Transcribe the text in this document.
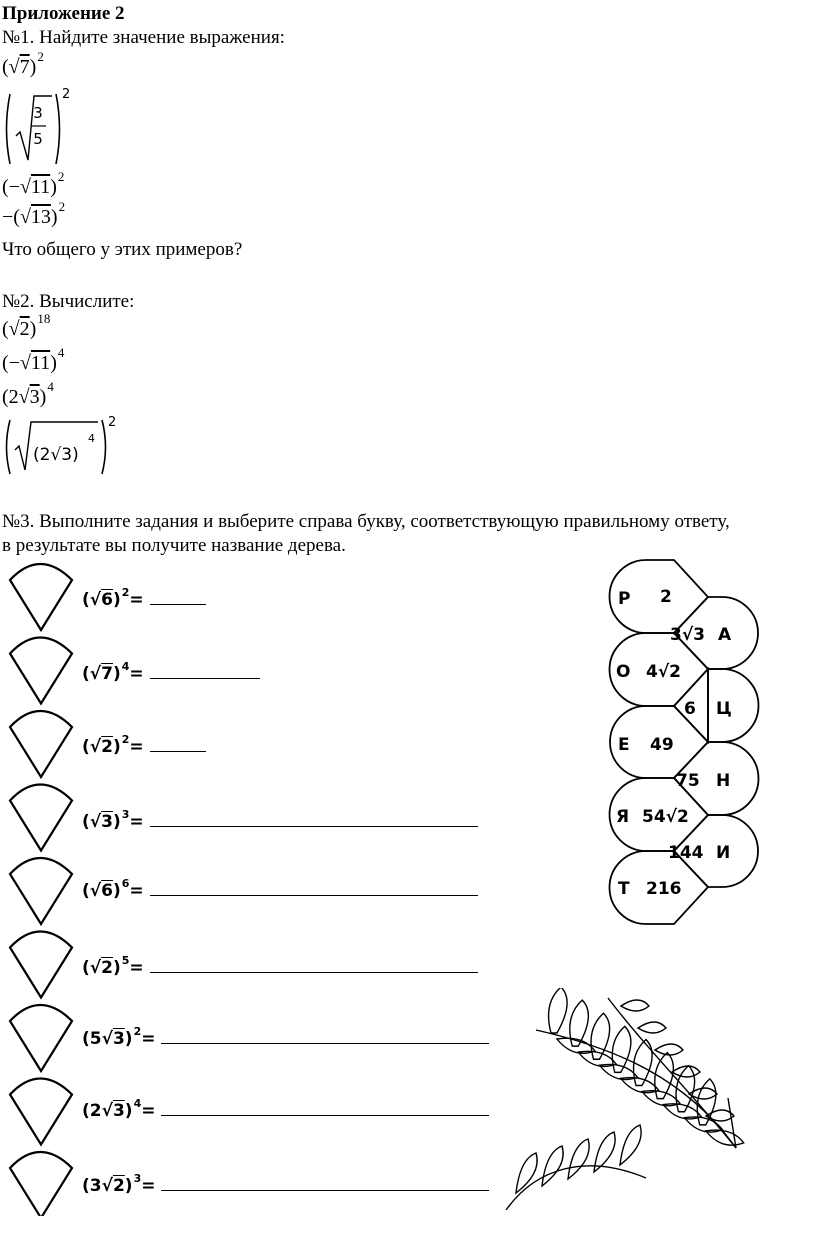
Приложение 2
№1. Найдите значение выражения:
$(√7)^2$
3
5
2
$(-√11)^2$
$-(√13)^2$
Что общего у этих примеров?
№2. Вычислите:
$(√2)^{18}$
$(-√11)^4$
$(2√3)^4$
(2√3)
4
2
№3. Выполните задания и выберите справа букву, соответствующую правильному ответу,
в результате вы получите название дерева.
$(√6)^2=$
$(√7)^4=$
$(√2)^2=$
$(√3)^3=$
$(√6)^6=$
$(√2)^5=$
$(5√3)^2=$
$(2√3)^4=$
$(3√2)^3=$
Р 2
А
3√3
О 4√2
Ц
6
Е 49
Н
75
Я 54√2
И
144
Т 216
